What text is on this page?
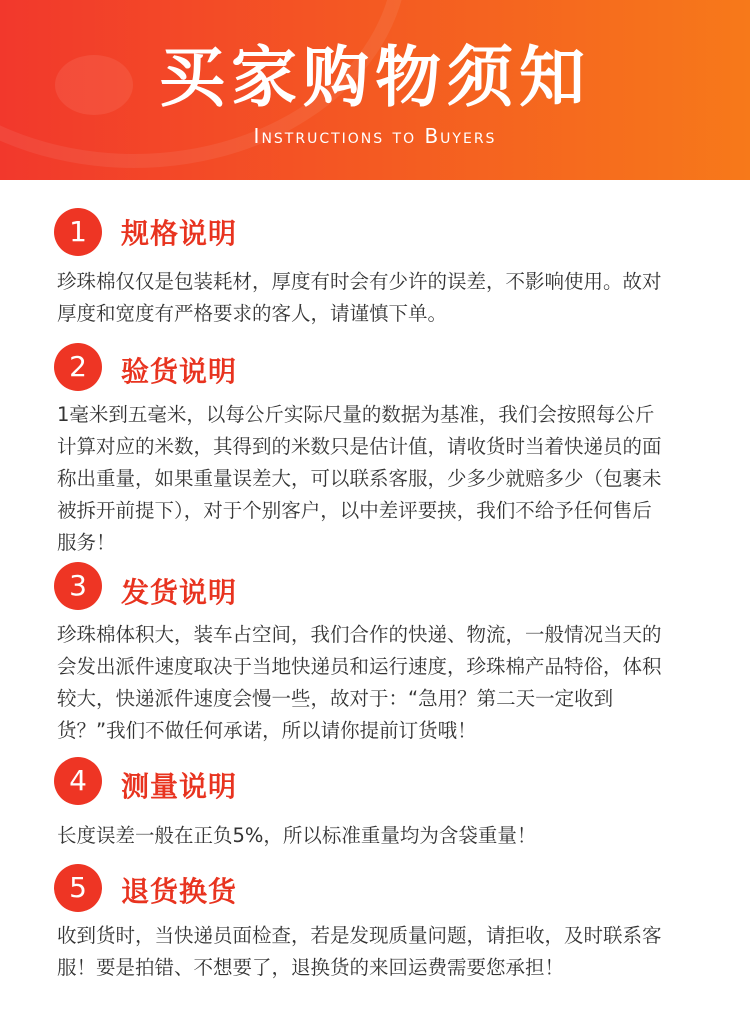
买家购物须知
Instructions to Buyers
1	规格说明

珍珠棉仅仅是包装耗材，厚度有时会有少许的误差，不影响使用。故对厚度和宽度有严格要求的客人，请谨慎下单。

2	验货说明

1毫米到五毫米，以每公斤实际尺量的数据为基准，我们会按照每公斤计算对应的米数，其得到的米数只是估计值，请收货时当着快递员的面称出重量，如果重量误差大，可以联系客服，少多少就赔多少（包裹未被拆开前提下），对于个别客户，以中差评要挟，我们不给予任何售后服务！

3	发货说明

珍珠棉体积大，装车占空间，我们合作的快递、物流，一般情况当天的会发出派件速度取决于当地快递员和运行速度，珍珠棉产品特俗，体积较大，快递派件速度会慢一些，故对于：“急用？第二天一定收到货？”我们不做任何承诺，所以请你提前订货哦！

4	测量说明

长度误差一般在正负5%，所以标准重量均为含袋重量！

5	退货换货

收到货时，当快递员面检查，若是发现质量问题，请拒收，及时联系客服！要是拍错、不想要了，退换货的来回运费需要您承担！
